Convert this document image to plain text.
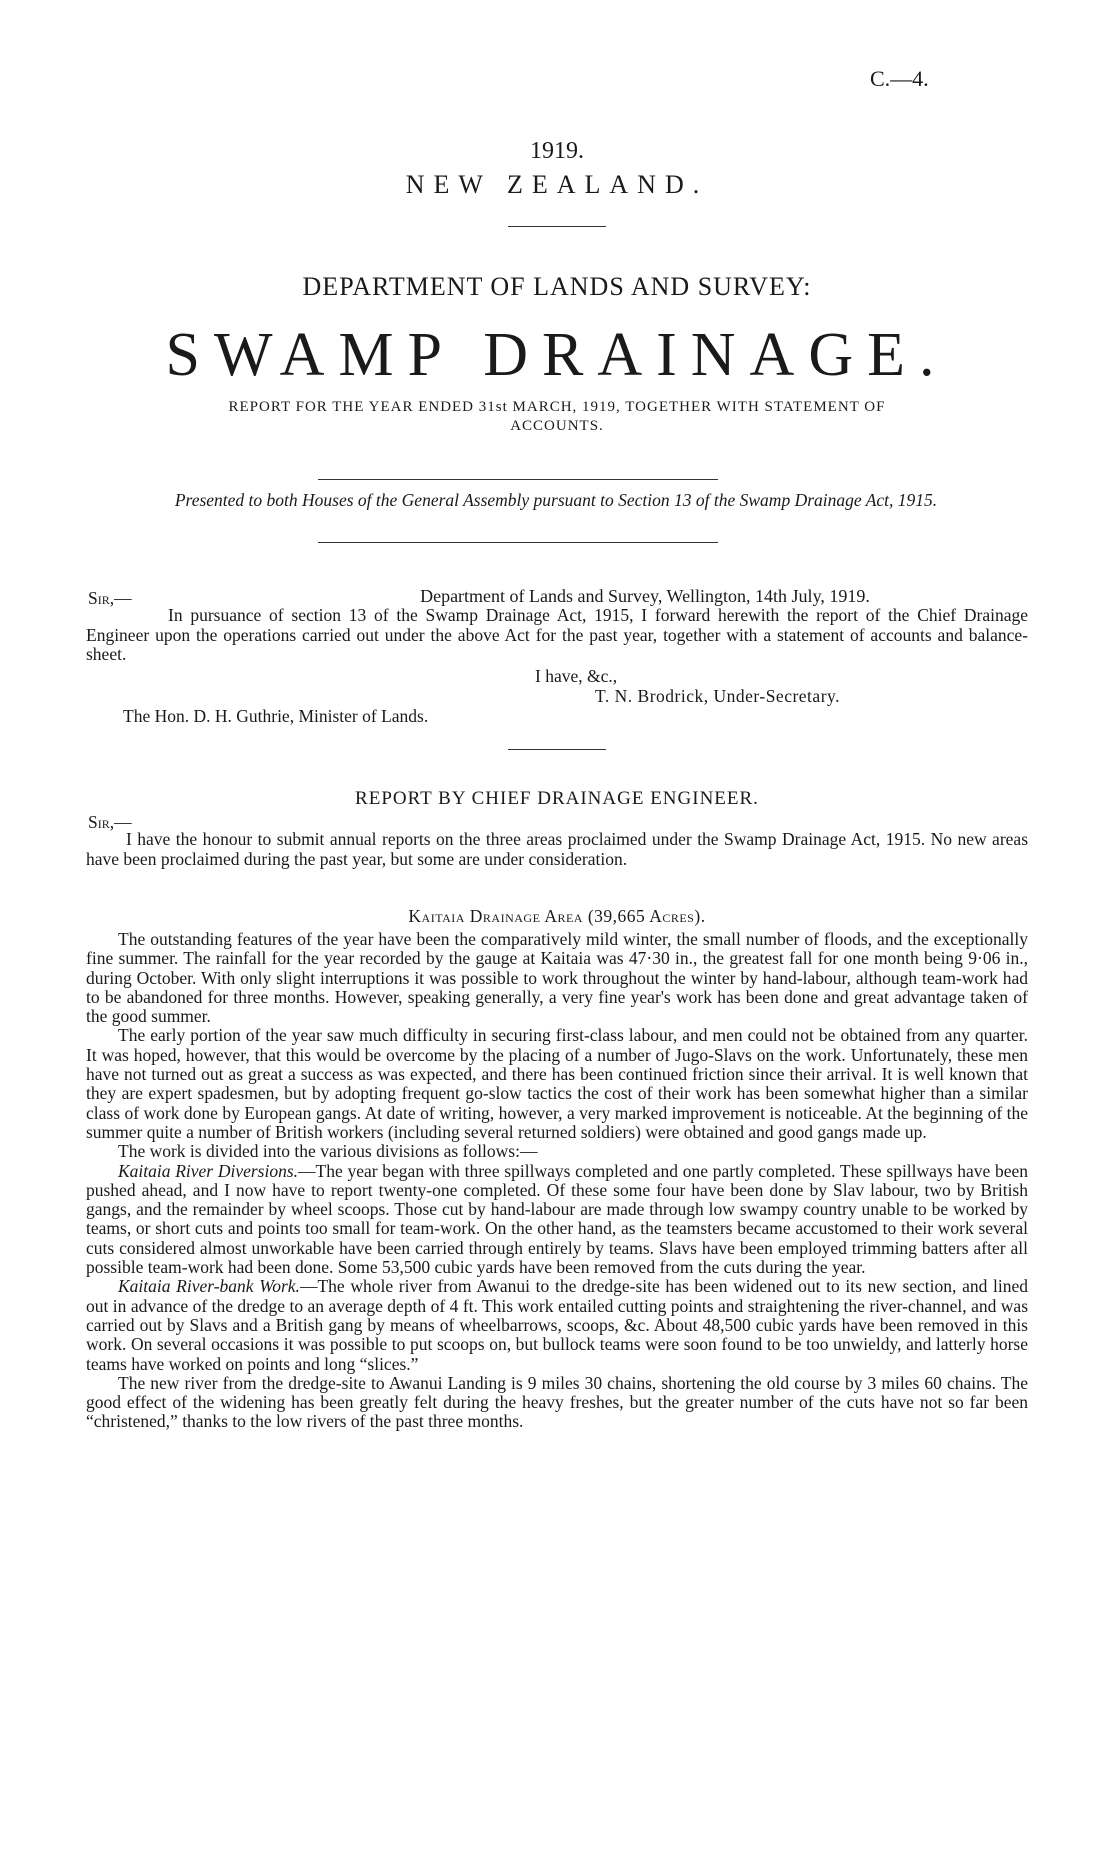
C.—4.
1919.
NEW ZEALAND.
DEPARTMENT OF LANDS AND SURVEY:
SWAMP DRAINAGE.
REPORT FOR THE YEAR ENDED 31st MARCH, 1919, TOGETHER WITH STATEMENT OF ACCOUNTS.
Presented to both Houses of the General Assembly pursuant to Section 13 of the Swamp Drainage Act, 1915.
Sir,—	Department of Lands and Survey, Wellington, 14th July, 1919.
In pursuance of section 13 of the Swamp Drainage Act, 1915, I forward herewith the report of the Chief Drainage Engineer upon the operations carried out under the above Act for the past year, together with a statement of accounts and balance-sheet.
I have, &c.,
T. N. Brodrick, Under-Secretary.
The Hon. D. H. Guthrie, Minister of Lands.
REPORT BY CHIEF DRAINAGE ENGINEER.
Sir,—
I have the honour to submit annual reports on the three areas proclaimed under the Swamp Drainage Act, 1915. No new areas have been proclaimed during the past year, but some are under consideration.
Kaitaia Drainage Area (39,665 Acres).

The outstanding features of the year have been the comparatively mild winter, the small number of floods, and the exceptionally fine summer. The rainfall for the year recorded by the gauge at Kaitaia was 47·30 in., the greatest fall for one month being 9·06 in., during October. With only slight interruptions it was possible to work throughout the winter by hand-labour, although team-work had to be abandoned for three months. However, speaking generally, a very fine year's work has been done and great advantage taken of the good summer.

The early portion of the year saw much difficulty in securing first-class labour, and men could not be obtained from any quarter. It was hoped, however, that this would be overcome by the placing of a number of Jugo-Slavs on the work. Unfortunately, these men have not turned out as great a success as was expected, and there has been continued friction since their arrival. It is well known that they are expert spadesmen, but by adopting frequent go-slow tactics the cost of their work has been somewhat higher than a similar class of work done by European gangs. At date of writing, however, a very marked improvement is noticeable. At the beginning of the summer quite a number of British workers (including several returned soldiers) were obtained and good gangs made up.

The work is divided into the various divisions as follows:—

Kaitaia River Diversions.—The year began with three spillways completed and one partly completed. These spillways have been pushed ahead, and I now have to report twenty-one completed. Of these some four have been done by Slav labour, two by British gangs, and the remainder by wheel scoops. Those cut by hand-labour are made through low swampy country unable to be worked by teams, or short cuts and points too small for team-work. On the other hand, as the teamsters became accustomed to their work several cuts considered almost unworkable have been carried through entirely by teams. Slavs have been employed trimming batters after all possible team-work had been done. Some 53,500 cubic yards have been removed from the cuts during the year.

Kaitaia River-bank Work.—The whole river from Awanui to the dredge-site has been widened out to its new section, and lined out in advance of the dredge to an average depth of 4 ft. This work entailed cutting points and straightening the river-channel, and was carried out by Slavs and a British gang by means of wheelbarrows, scoops, &c. About 48,500 cubic yards have been removed in this work. On several occasions it was possible to put scoops on, but bullock teams were soon found to be too unwieldy, and latterly horse teams have worked on points and long “slices.”

The new river from the dredge-site to Awanui Landing is 9 miles 30 chains, shortening the old course by 3 miles 60 chains. The good effect of the widening has been greatly felt during the heavy freshes, but the greater number of the cuts have not so far been “christened,” thanks to the low rivers of the past three months.
